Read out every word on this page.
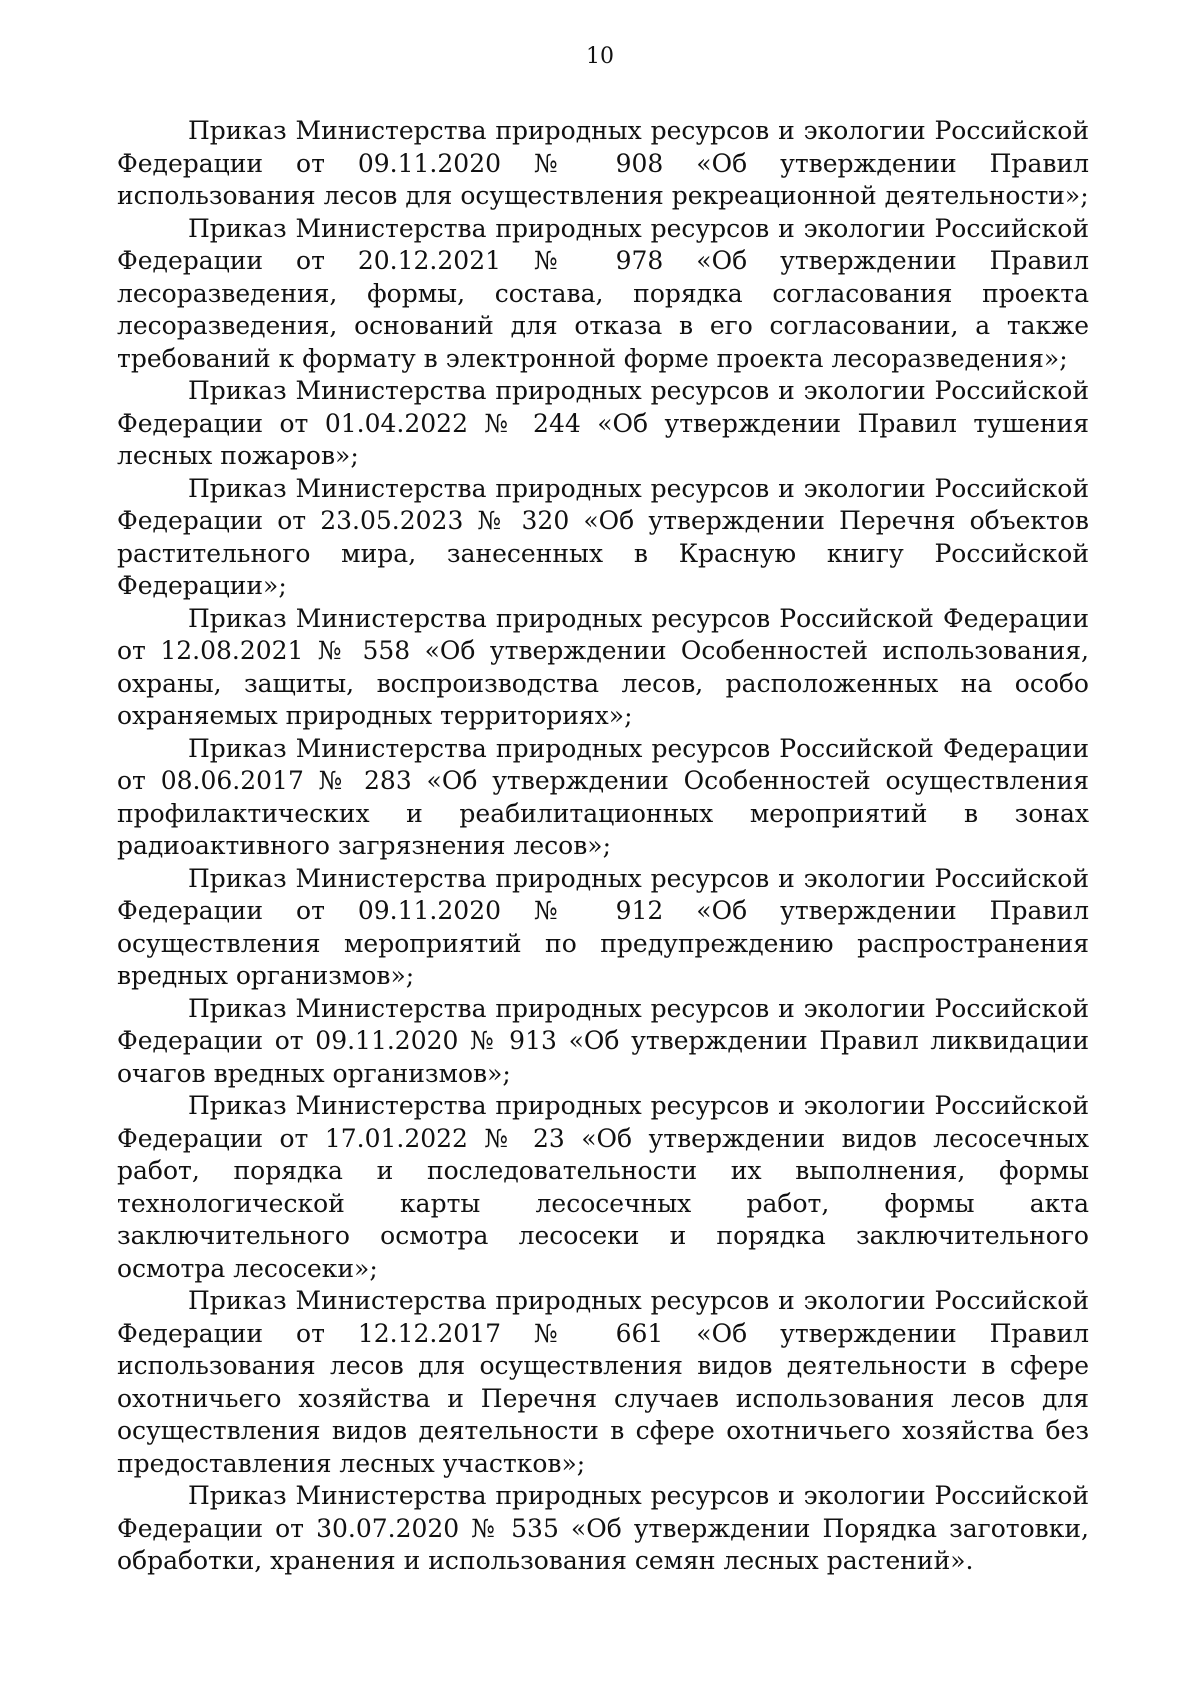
10

Приказ Министерства природных ресурсов и экологии Российской Федерации от 09.11.2020 № 908 «Об утверждении Правил использования лесов для осуществления рекреационной деятельности»;

Приказ Министерства природных ресурсов и экологии Российской Федерации от 20.12.2021 № 978 «Об утверждении Правил лесоразведения, формы, состава, порядка согласования проекта лесоразведения, оснований для отказа в его согласовании, а также требований к формату в электронной форме проекта лесоразведения»;

Приказ Министерства природных ресурсов и экологии Российской Федерации от 01.04.2022 № 244 «Об утверждении Правил тушения лесных пожаров»;

Приказ Министерства природных ресурсов и экологии Российской Федерации от 23.05.2023 № 320 «Об утверждении Перечня объектов растительного мира, занесенных в Красную книгу Российской Федерации»;

Приказ Министерства природных ресурсов Российской Федерации от 12.08.2021 № 558 «Об утверждении Особенностей использования, охраны, защиты, воспроизводства лесов, расположенных на особо охраняемых природных территориях»;

Приказ Министерства природных ресурсов Российской Федерации от 08.06.2017 № 283 «Об утверждении Особенностей осуществления профилактических и реабилитационных мероприятий в зонах радиоактивного загрязнения лесов»;

Приказ Министерства природных ресурсов и экологии Российской Федерации от 09.11.2020 № 912 «Об утверждении Правил осуществления мероприятий по предупреждению распространения вредных организмов»;

Приказ Министерства природных ресурсов и экологии Российской Федерации от 09.11.2020 № 913 «Об утверждении Правил ликвидации очагов вредных организмов»;

Приказ Министерства природных ресурсов и экологии Российской Федерации от 17.01.2022 № 23 «Об утверждении видов лесосечных работ, порядка и последовательности их выполнения, формы технологической карты лесосечных работ, формы акта заключительного осмотра лесосеки и порядка заключительного осмотра лесосеки»;

Приказ Министерства природных ресурсов и экологии Российской Федерации от 12.12.2017 № 661 «Об утверждении Правил использования лесов для осуществления видов деятельности в сфере охотничьего хозяйства и Перечня случаев использования лесов для осуществления видов деятельности в сфере охотничьего хозяйства без предоставления лесных участков»;

Приказ Министерства природных ресурсов и экологии Российской Федерации от 30.07.2020 № 535 «Об утверждении Порядка заготовки, обработки, хранения и использования семян лесных растений».
